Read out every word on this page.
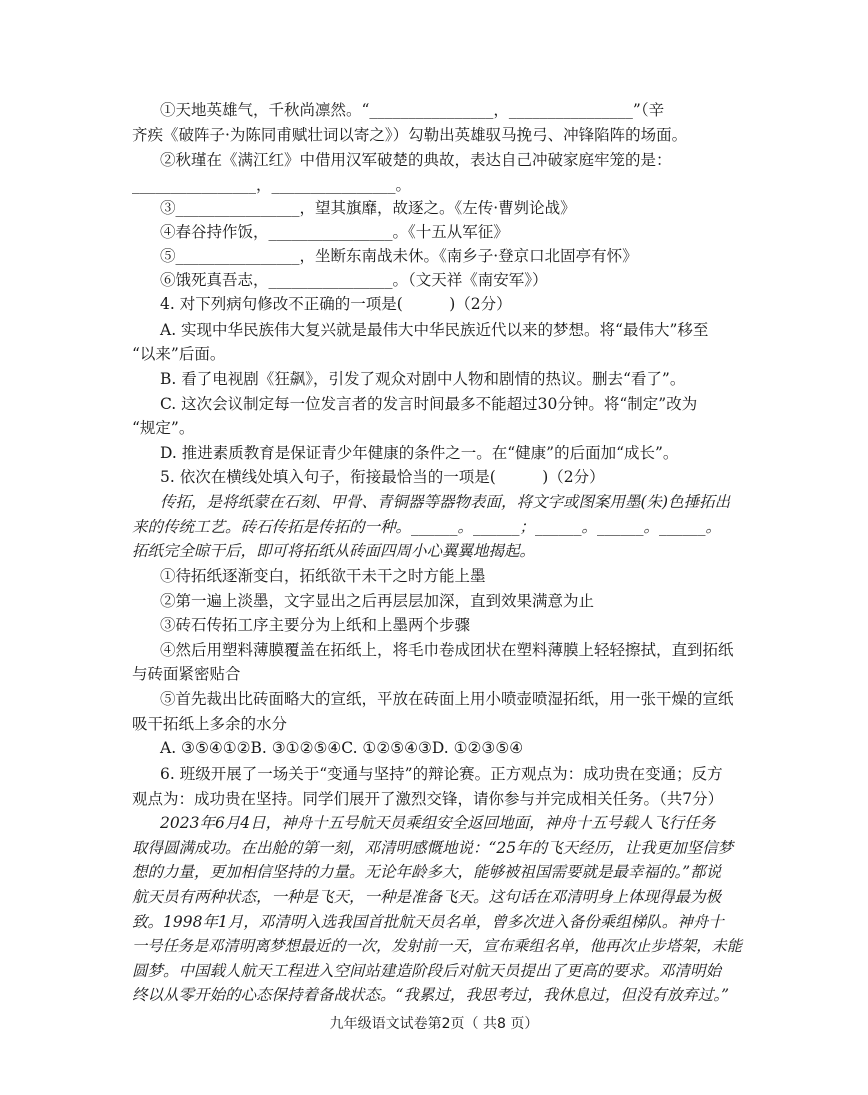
①天地英雄气，千秋尚凛然。“________________，________________”（辛
齐疾《破阵子·为陈同甫赋壮词以寄之》）勾勒出英雄驭马挽弓、冲锋陷阵的场面。
②秋瑾在《满江红》中借用汉军破楚的典故，表达自己冲破家庭牢笼的是：
________________，________________。
③________________，望其旗靡，故逐之。《左传·曹刿论战》
④春谷持作饭，________________。《十五从军征》
⑤________________，坐断东南战未休。《南乡子·登京口北固亭有怀》
⑥饿死真吾志，________________。（文天祥《南安军》）
4. 对下列病句修改不正确的一项是(　　　)（2分）
A. 实现中华民族伟大复兴就是最伟大中华民族近代以来的梦想。将“最伟大”移至
“以来”后面。
B. 看了电视剧《狂飙》，引发了观众对剧中人物和剧情的热议。删去“看了”。
C. 这次会议制定每一位发言者的发言时间最多不能超过30分钟。将“制定”改为
“规定”。
D. 推进素质教育是保证青少年健康的条件之一。在“健康”的后面加“成长”。
5. 依次在横线处填入句子，衔接最恰当的一项是(　　　)（2分）
传拓，是将纸蒙在石刻、甲骨、青铜器等器物表面，将文字或图案用墨(朱)色捶拓出
来的传统工艺。砖石传拓是传拓的一种。______。______；______。______。______。
拓纸完全晾干后，即可将拓纸从砖面四周小心翼翼地揭起。
①待拓纸逐渐变白，拓纸欲干未干之时方能上墨
②第一遍上淡墨，文字显出之后再层层加深，直到效果满意为止
③砖石传拓工序主要分为上纸和上墨两个步骤
④然后用塑料薄膜覆盖在拓纸上，将毛巾卷成团状在塑料薄膜上轻轻擦拭，直到拓纸
与砖面紧密贴合
⑤首先裁出比砖面略大的宣纸，平放在砖面上用小喷壶喷湿拓纸，用一张干燥的宣纸
吸干拓纸上多余的水分
A. ③⑤④①② B. ③①②⑤④ C. ①②⑤④③ D. ①②③⑤④
6. 班级开展了一场关于“变通与坚持”的辩论赛。正方观点为：成功贵在变通；反方
观点为：成功贵在坚持。同学们展开了激烈交锋，请你参与并完成相关任务。（共7分）
2023年6月4日，神舟十五号航天员乘组安全返回地面，神舟十五号载人飞行任务
取得圆满成功。在出舱的第一刻，邓清明感慨地说：“25年的飞天经历，让我更加坚信梦
想的力量，更加相信坚持的力量。无论年龄多大，能够被祖国需要就是最幸福的。”都说
航天员有两种状态，一种是飞天，一种是准备飞天。这句话在邓清明身上体现得最为极
致。1998年1月，邓清明入选我国首批航天员名单，曾多次进入备份乘组梯队。神舟十
一号任务是邓清明离梦想最近的一次，发射前一天，宣布乘组名单，他再次止步塔架，未能
圆梦。中国载人航天工程进入空间站建造阶段后对航天员提出了更高的要求。邓清明始
终以从零开始的心态保持着备战状态。“我累过，我思考过，我休息过，但没有放弃过。”
九年级语文试卷第2页（ 共8 页）
